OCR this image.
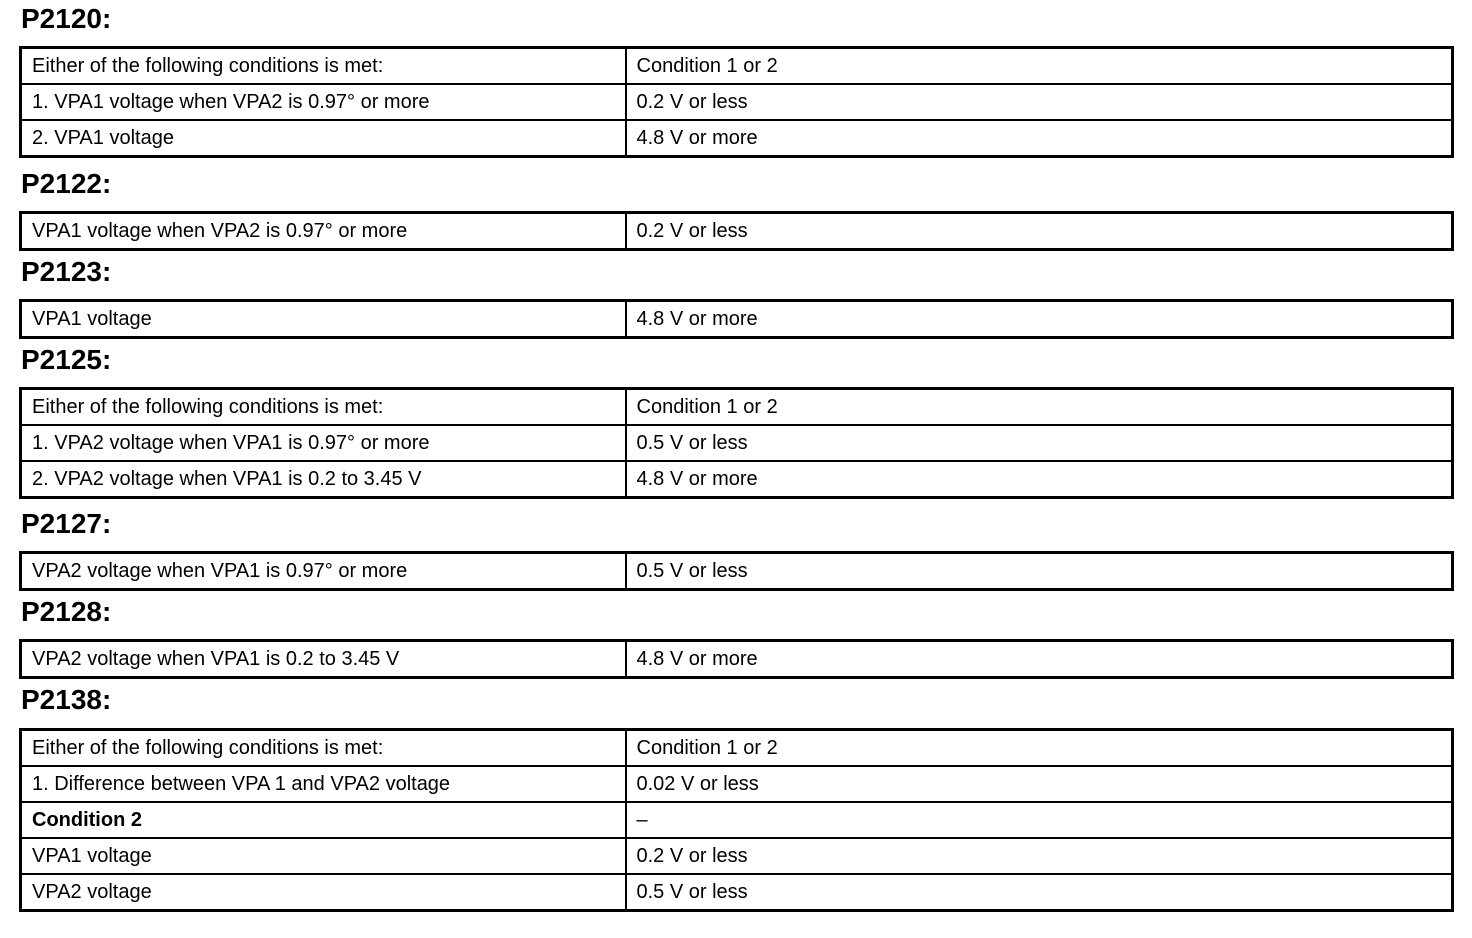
P2120:
Either of the following conditions is met:	Condition 1 or 2
1. VPA1 voltage when VPA2 is 0.97° or more	0.2 V or less
2. VPA1 voltage	4.8 V or more
P2122:
VPA1 voltage when VPA2 is 0.97° or more	0.2 V or less
P2123:
VPA1 voltage	4.8 V or more
P2125:
Either of the following conditions is met:	Condition 1 or 2
1. VPA2 voltage when VPA1 is 0.97° or more	0.5 V or less
2. VPA2 voltage when VPA1 is 0.2 to 3.45 V	4.8 V or more
P2127:
VPA2 voltage when VPA1 is 0.97° or more	0.5 V or less
P2128:
VPA2 voltage when VPA1 is 0.2 to 3.45 V	4.8 V or more
P2138:
Either of the following conditions is met:	Condition 1 or 2
1. Difference between VPA 1 and VPA2 voltage	0.02 V or less
Condition 2	–
VPA1 voltage	0.2 V or less
VPA2 voltage	0.5 V or less
